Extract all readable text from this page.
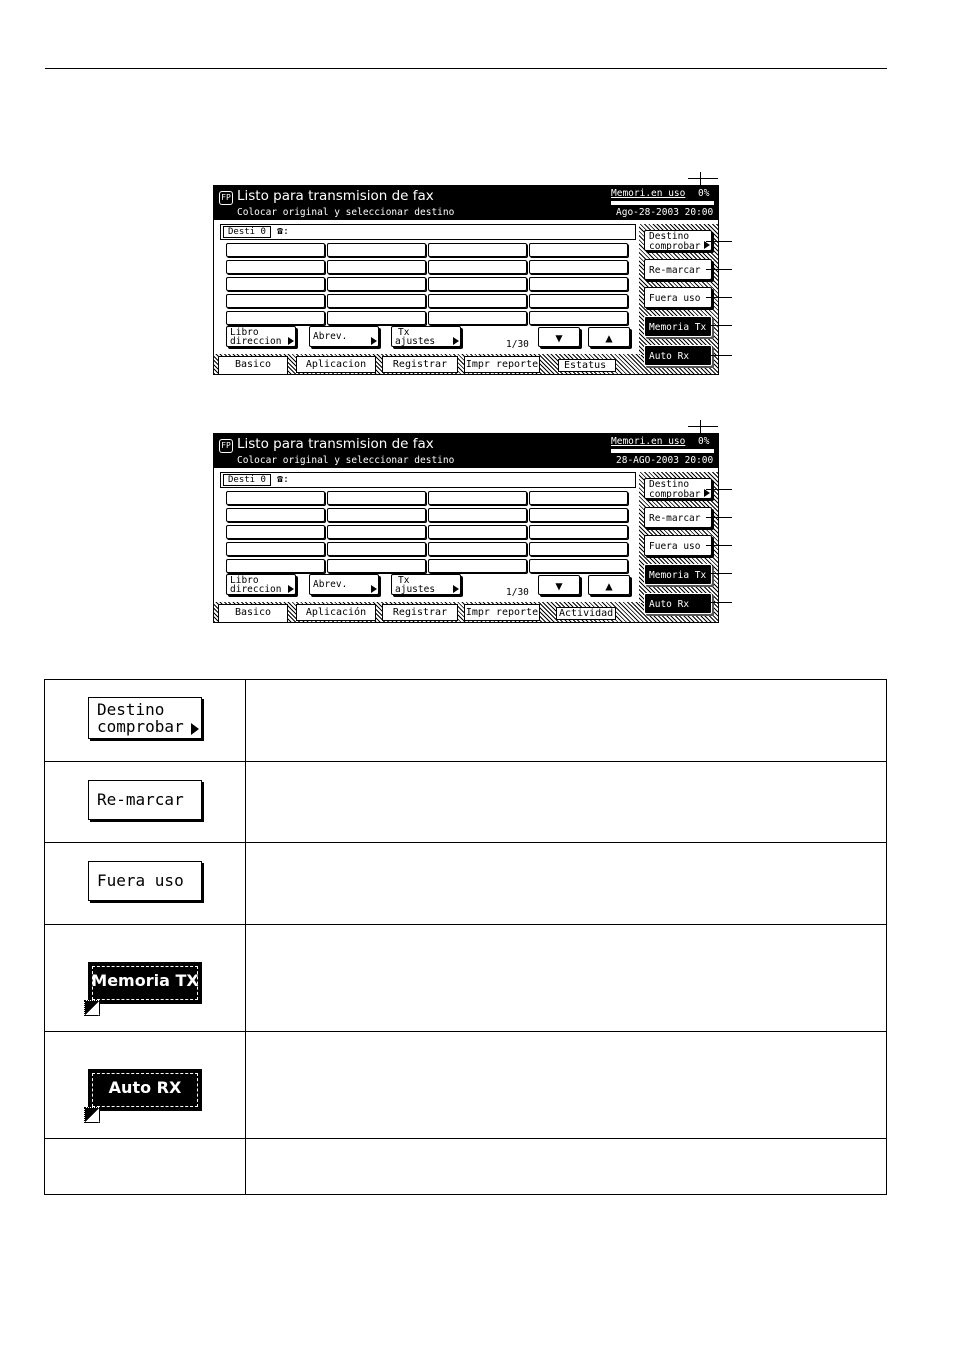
FP Listo para transmision de fax
Colocar original y seleccionar destino
Memori.en uso 0%
Ago-28-2003 20:00
Desti 0	☎:
Libro
direccion	Abrev.	Tx
ajustes	1/30	▼	▲
Basico	Aplicacion	Registrar	Impr reporte	Estatus
Destino
comprobar
Re-marcar
Fuera uso
Memoria Tx
Auto Rx
FP Listo para transmision de fax
Colocar original y seleccionar destino
Memori.en uso 0%
28-AGO-2003 20:00
Desti 0	☎:
Libro
direccion	Abrev.	Tx
ajustes	1/30	▼	▲
Basico	Aplicación	Registrar	Impr reporte	Actividad
Destino
comprobar
Re-marcar
Fuera uso
Memoria Tx
Auto Rx
Destino
comprobar	

Re-marcar	

Fuera uso	

Memoria TX	

Auto RX	
